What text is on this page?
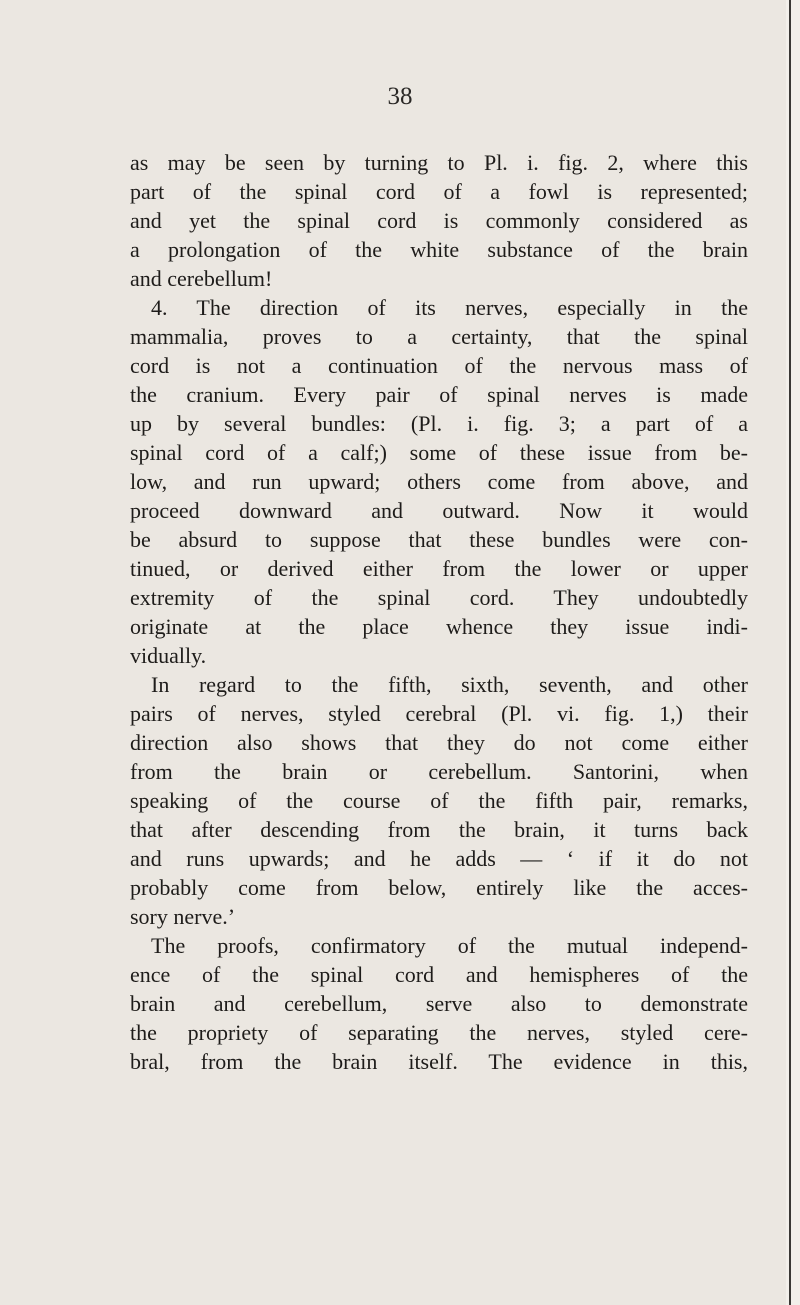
38
as may be seen by turning to Pl. i. fig. 2, where this
part of the spinal cord of a fowl is represented;
and yet the spinal cord is commonly considered as
a prolongation of the white substance of the brain
and cerebellum!
4. The direction of its nerves, especially in the
mammalia, proves to a certainty, that the spinal
cord is not a continuation of the nervous mass of
the cranium. Every pair of spinal nerves is made
up by several bundles: (Pl. i. fig. 3; a part of a
spinal cord of a calf;) some of these issue from be-
low, and run upward; others come from above, and
proceed downward and outward. Now it would
be absurd to suppose that these bundles were con-
tinued, or derived either from the lower or upper
extremity of the spinal cord. They undoubtedly
originate at the place whence they issue indi-
vidually.
In regard to the fifth, sixth, seventh, and other
pairs of nerves, styled cerebral (Pl. vi. fig. 1,) their
direction also shows that they do not come either
from the brain or cerebellum. Santorini, when
speaking of the course of the fifth pair, remarks,
that after descending from the brain, it turns back
and runs upwards; and he adds — ‘ if it do not
probably come from below, entirely like the acces-
sory nerve.’
The proofs, confirmatory of the mutual independ-
ence of the spinal cord and hemispheres of the
brain and cerebellum, serve also to demonstrate
the propriety of separating the nerves, styled cere-
bral, from the brain itself. The evidence in this,
